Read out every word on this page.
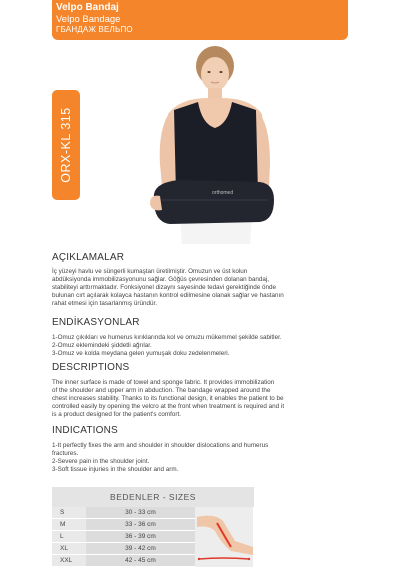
Velpo Bandaj
Velpo Bandage
ГБАНДАЖ ВЕЛЬПО
ORX-KL 315
orthomed
AÇIKLAMALAR
İç yüzeyi havlu ve süngerli kumaştan üretilmiştir. Omuzun ve üst kolun
abdüksiyonda immobilizasyonunu sağlar. Göğüs çevresinden dolanan bandaj,
stabiliteyi arttırmaktadır. Fonksiyonel dizaynı sayesinde tedavi gerektiğinde önde
bulunan cırt açılarak kolayca hastanın kontrol edilmesine olanak sağlar ve hastanın
rahat etmesi için tasarlanmış üründür.
ENDİKASYONLAR
1-Omuz çıkıkları ve humerus kırıklarında kol ve omuzu mükemmel şekilde sabitler.
2-Omuz eklemindeki şiddetli ağrılar.
3-Omuz ve kolda meydana gelen yumuşak doku zedelenmeleri.
DESCRIPTIONS
The inner surface is made of towel and sponge fabric. It provides immobilization
of the shoulder and upper arm in abduction. The bandage wrapped around the
chest increases stability. Thanks to its functional design, it enables the patient to be
controlled easily by opening the velcro at the front when treatment is required and it
is a product designed for the patient's comfort.
INDICATIONS
1-It perfectly fixes the arm and shoulder in shoulder dislocations and humerus
fractures.
2-Severe pain in the shoulder joint.
3-Soft tissue injuries in the shoulder and arm.
BEDENLER - SIZES
S	30 - 33 cm
M	33 - 36 cm
L	36 - 39 cm
XL	39 - 42 cm
XXL	42 - 45 cm
